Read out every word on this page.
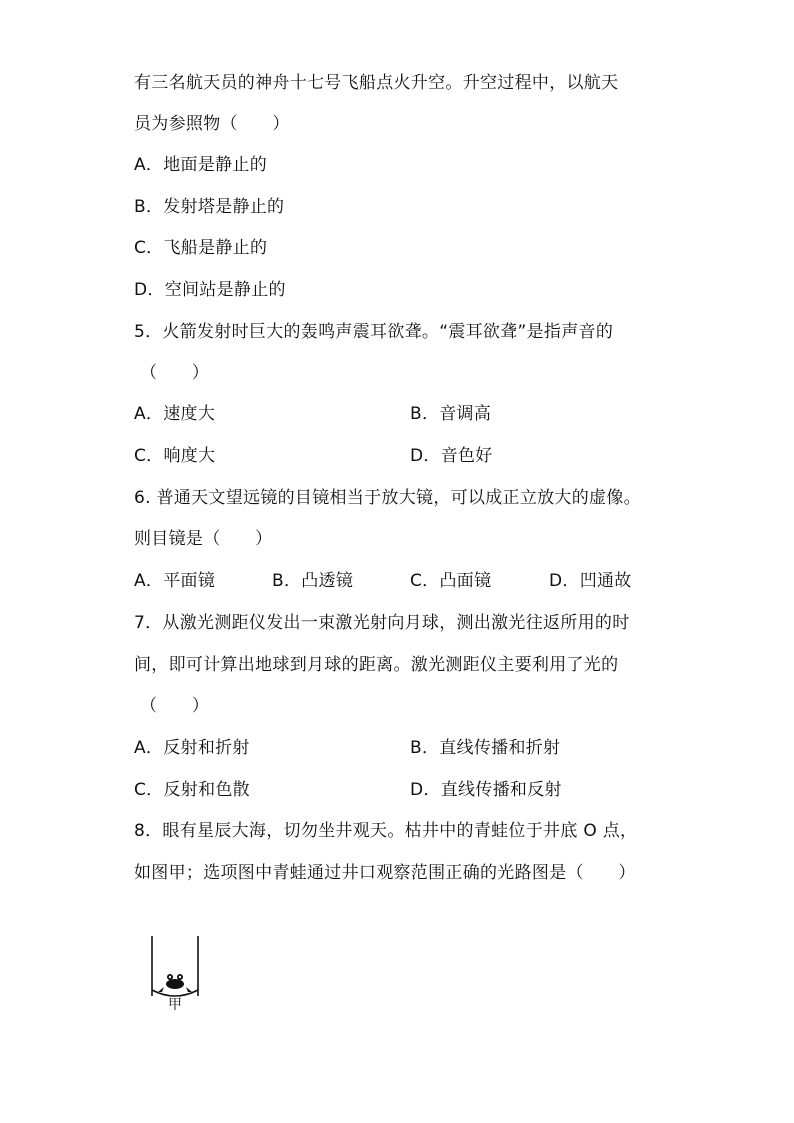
有三名航天员的神舟十七号飞船点火升空。升空过程中，以航天
员为参照物（　　）
A．地面是静止的
B．发射塔是静止的
C．飞船是静止的
D．空间站是静止的
5．火箭发射时巨大的轰鸣声震耳欲聋。“震耳欲聋”是指声音的
（　　）
A．速度大	B．音调高
C．响度大	D．音色好
6. 普通天文望远镜的目镜相当于放大镜，可以成正立放大的虚像。
则目镜是（　　）
A．平面镜	B．凸透镜	C．凸面镜	D．凹通故
7．从激光测距仪发出一束激光射向月球，测出激光往返所用的时
间，即可计算出地球到月球的距离。激光测距仪主要利用了光的
（　　）
A．反射和折射	B．直线传播和折射
C．反射和色散	D．直线传播和反射
8．眼有星辰大海，切勿坐井观天。枯井中的青蛙位于井底 O 点，
如图甲；选项图中青蛙通过井口观察范围正确的光路图是（　　）
甲
